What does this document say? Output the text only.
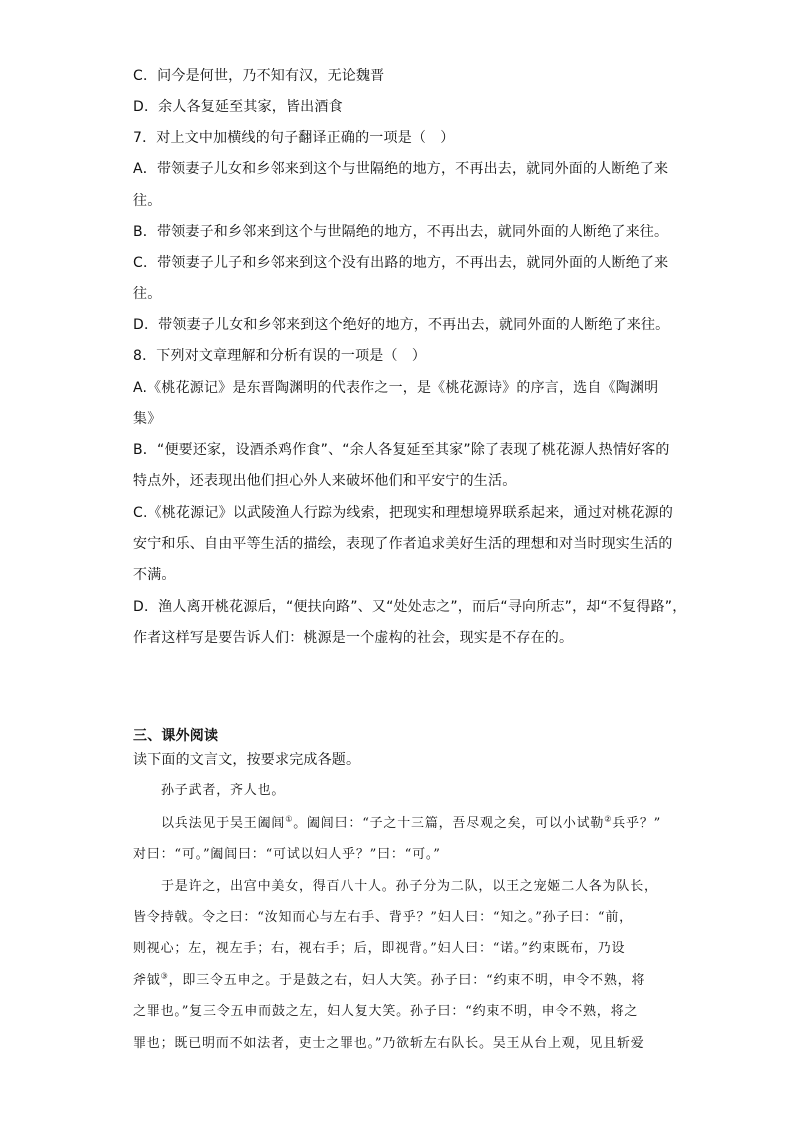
C．问今是何世，乃不知有汉，无论魏晋
D．余人各复延至其家，皆出酒食
7．对上文中加横线的句子翻译正确的一项是（　）
A．带领妻子儿女和乡邻来到这个与世隔绝的地方，不再出去，就同外面的人断绝了来
往。
B．带领妻子和乡邻来到这个与世隔绝的地方，不再出去，就同外面的人断绝了来往。
C．带领妻子儿子和乡邻来到这个没有出路的地方，不再出去，就同外面的人断绝了来
往。
D．带领妻子儿女和乡邻来到这个绝好的地方，不再出去，就同外面的人断绝了来往。
8．下列对文章理解和分析有误的一项是（　）
A.《桃花源记》是东晋陶渊明的代表作之一，是《桃花源诗》的序言，选自《陶渊明
集》
B．“便要还家，设酒杀鸡作食”、“余人各复延至其家”除了表现了桃花源人热情好客的
特点外，还表现出他们担心外人来破坏他们和平安宁的生活。
C.《桃花源记》以武陵渔人行踪为线索，把现实和理想境界联系起来，通过对桃花源的
安宁和乐、自由平等生活的描绘，表现了作者追求美好生活的理想和对当时现实生活的
不满。
D．渔人离开桃花源后，“便扶向路”、又“处处志之”，而后“寻向所志”，却“不复得路”，
作者这样写是要告诉人们：桃源是一个虚构的社会，现实是不存在的。
三、课外阅读
读下面的文言文，按要求完成各题。
孙子武者，齐人也。
以兵法见于吴王阖闾①。阖闾曰：“子之十三篇，吾尽观之矣，可以小试勒②兵乎？”
对曰：“可。”阖闾曰：“可试以妇人乎？”曰：“可。”
于是许之，出宫中美女，得百八十人。孙子分为二队，以王之宠姬二人各为队长，
皆令持戟。令之曰：“汝知而心与左右手、背乎？”妇人曰：“知之。”孙子曰：“前，
则视心；左，视左手；右，视右手；后，即视背。”妇人曰：“诺。”约束既布，乃设
斧钺③，即三令五申之。于是鼓之右，妇人大笑。孙子曰：“约束不明，申令不熟，将
之罪也。”复三令五申而鼓之左，妇人复大笑。孙子曰：“约束不明，申令不熟，将之
罪也；既已明而不如法者，吏士之罪也。”乃欲斩左右队长。吴王从台上观，见且斩爱
